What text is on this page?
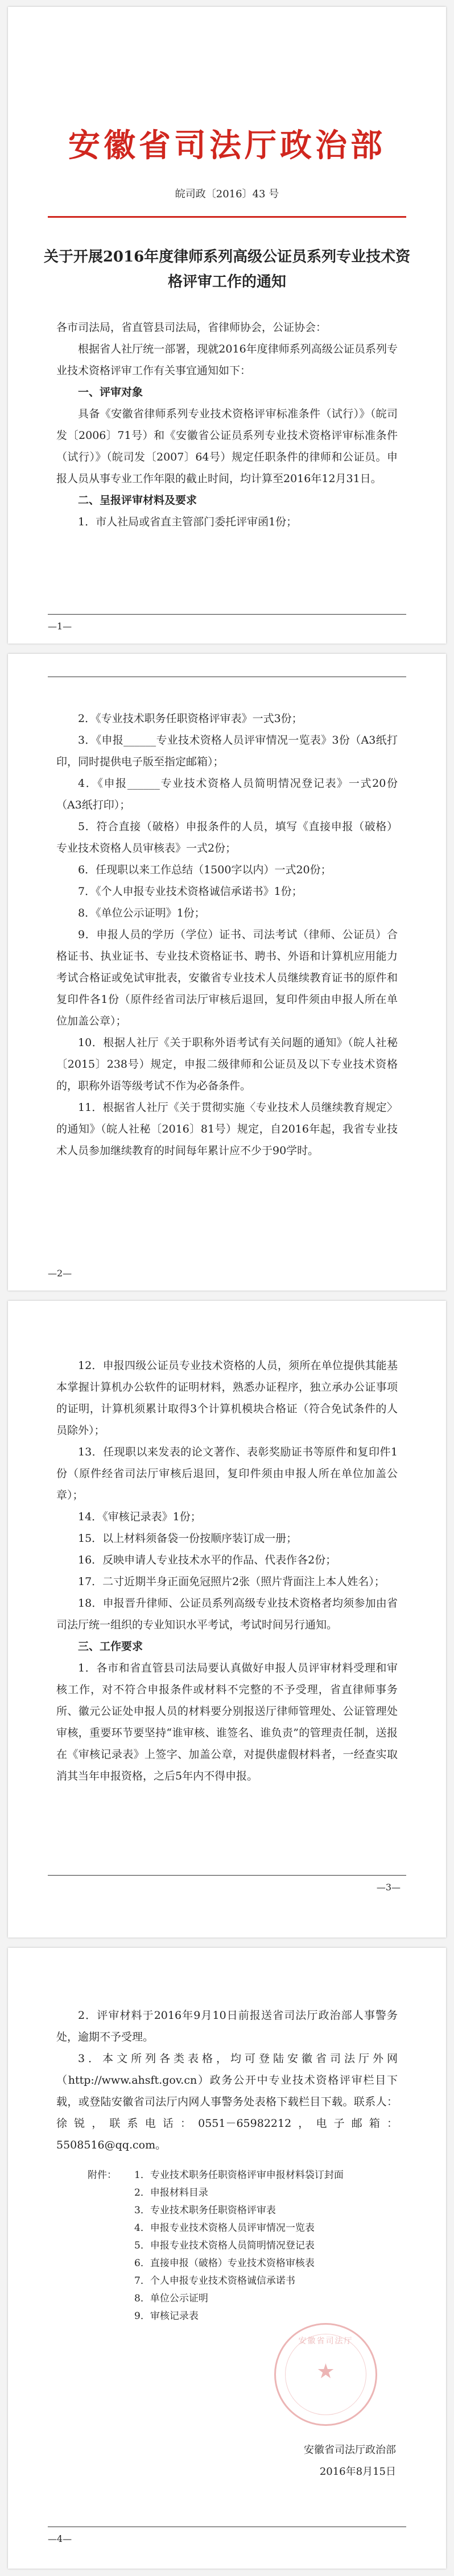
安徽省司法厅政治部
皖司政〔2016〕43 号
关于开展2016年度律师系列高级公证员系列专业技术资格评审工作的通知

各市司法局，省直管县司法局，省律师协会，公证协会：

根据省人社厅统一部署，现就2016年度律师系列高级公证员系列专业技术资格评审工作有关事宜通知如下：

一、评审对象

具备《安徽省律师系列专业技术资格评审标准条件（试行）》（皖司发〔2006〕71号）和《安徽省公证员系列专业技术资格评审标准条件（试行）》（皖司发〔2007〕64号）规定任职条件的律师和公证员。申报人员从事专业工作年限的截止时间，均计算至2016年12月31日。

二、呈报评审材料及要求

1．市人社局或省直主管部门委托评审函1份；

—1—

2．《专业技术职务任职资格评审表》一式3份；

3．《申报______专业技术资格人员评审情况一览表》3份（A3纸打印，同时提供电子版至指定邮箱）；

4．《申报______专业技术资格人员简明情况登记表》一式20份（A3纸打印）；

5．符合直接（破格）申报条件的人员，填写《直接申报（破格）专业技术资格人员审核表》一式2份；

6．任现职以来工作总结（1500字以内）一式20份；

7．《个人申报专业技术资格诚信承诺书》1份；

8．《单位公示证明》1份；

9．申报人员的学历（学位）证书、司法考试（律师、公证员）合格证书、执业证书、专业技术资格证书、聘书、外语和计算机应用能力考试合格证或免试审批表，安徽省专业技术人员继续教育证书的原件和复印件各1份（原件经省司法厅审核后退回，复印件须由申报人所在单位加盖公章）；

10．根据人社厅《关于职称外语考试有关问题的通知》（皖人社秘〔2015〕238号）规定，申报二级律师和公证员及以下专业技术资格的，职称外语等级考试不作为必备条件。

11．根据省人社厅《关于贯彻实施〈专业技术人员继续教育规定〉的通知》（皖人社秘〔2016〕81号）规定，自2016年起，我省专业技术人员参加继续教育的时间每年累计应不少于90学时。

—2—

12．申报四级公证员专业技术资格的人员，须所在单位提供其能基本掌握计算机办公软件的证明材料，熟悉办证程序，独立承办公证事项的证明，计算机须累计取得3个计算机模块合格证（符合免试条件的人员除外）；

13．任现职以来发表的论文著作、表彰奖励证书等原件和复印件1份（原件经省司法厅审核后退回，复印件须由申报人所在单位加盖公章）；

14．《审核记录表》1份；

15．以上材料须备袋一份按顺序装订成一册；

16．反映申请人专业技术水平的作品、代表作各2份；

17．二寸近期半身正面免冠照片2张（照片背面注上本人姓名）；

18．申报晋升律师、公证员系列高级专业技术资格者均须参加由省司法厅统一组织的专业知识水平考试，考试时间另行通知。

三、工作要求

1．各市和省直管县司法局要认真做好申报人员评审材料受理和审核工作，对不符合申报条件或材料不完整的不予受理，省直律师事务所、徽元公证处申报人员的材料要分别报送厅律师管理处、公证管理处审核，重要环节要坚持“谁审核、谁签名、谁负责”的管理责任制，送报在《审核记录表》上签字、加盖公章，对提供虚假材料者，一经查实取消其当年申报资格，之后5年内不得申报。

—3—

2．评审材料于2016年9月10日前报送省司法厅政治部人事警务处，逾期不予受理。

3．本文所列各类表格，均可登陆安徽省司法厅外网（http://www.ahsft.gov.cn）政务公开中专业技术资格评审栏目下载，或登陆安徽省司法厅内网人事警务处表格下载栏目下载。联系人：徐锐，联系电话：0551－65982212，电子邮箱：5508516@qq.com。

附件：	1．专业技术职务任职资格评审申报材料袋订封面
2．申报材料目录
3．专业技术职务任职资格评审表
4．申报专业技术资格人员评审情况一览表
5．申报专业技术资格人员简明情况登记表
6．直接申报（破格）专业技术资格审核表
7．个人申报专业技术资格诚信承诺书
8．单位公示证明
9．审核记录表
安徽省司法厅
★
安徽省司法厅政治部
2016年8月15日
—4—
